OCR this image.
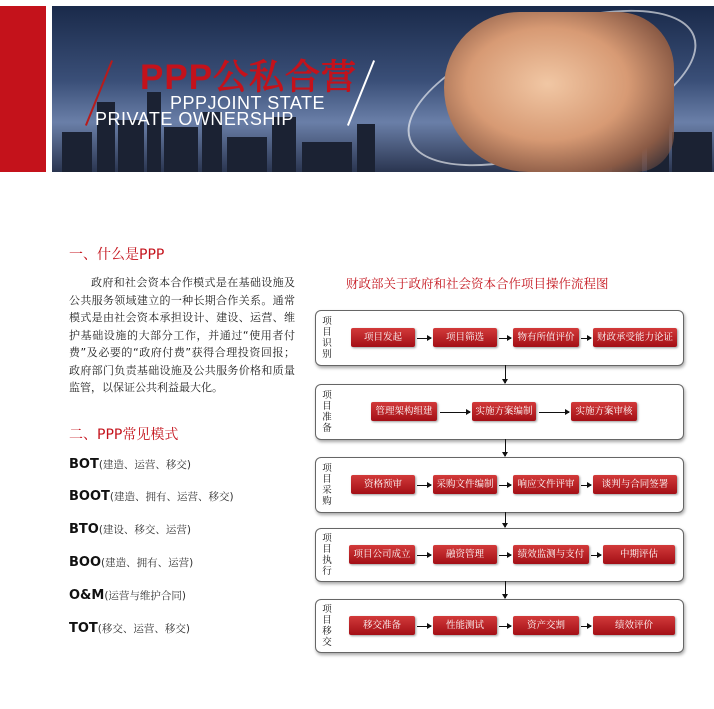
PPP公私合营
PPPJOINT STATE
PRIVATE OWNERSHIP
一、什么是PPP
政府和社会资本合作模式是在基础设施及公共服务领域建立的一种长期合作关系。通常模式是由社会资本承担设计、建设、运营、维护基础设施的大部分工作，并通过“使用者付费”及必要的“政府付费”获得合理投资回报；政府部门负责基础设施及公共服务价格和质量监管，以保证公共利益最大化。
二、PPP常见模式
BOT(建造、运营、移交)
BOOT(建造、拥有、运营、移交)
BTO(建设、移交、运营)
BOO(建造、拥有、运营)
O&M(运营与维护合同)
TOT(移交、运营、移交)
财政部关于政府和社会资本合作项目操作流程图
项目识别
项目发起	项目筛选	物有所值评价	财政承受能力论证
项目准备
管理架构组建	实施方案编制	实施方案审核
项目采购
资格预审	采购文件编制	响应文件评审	谈判与合同签署
项目执行
项目公司成立	融资管理	绩效监测与支付	中期评估
项目移交
移交准备	性能测试	资产交割	绩效评价
